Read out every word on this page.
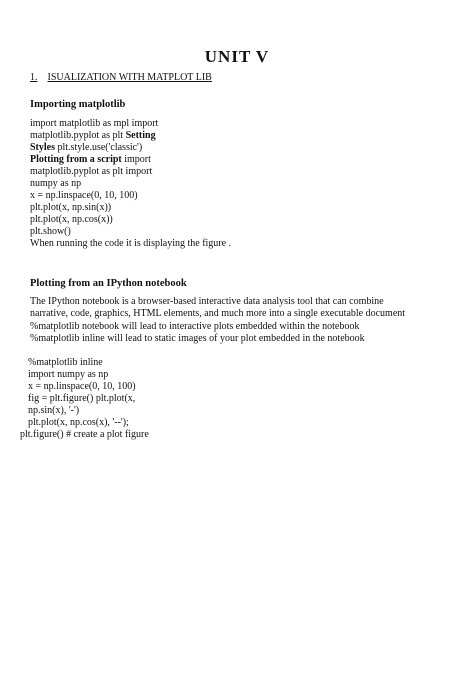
UNIT V
1. ISUALIZATION WITH MATPLOT LIB
Importing matplotlib
import matplotlib as mpl import
matplotlib.pyplot as plt Setting
Styles plt.style.use('classic')
Plotting from a script import
matplotlib.pyplot as plt import
numpy as np
x = np.linspace(0, 10, 100)
plt.plot(x, np.sin(x))
plt.plot(x, np.cos(x))
plt.show()
When running the code it is displaying the figure .
Plotting from an IPython notebook
The IPython notebook is a browser-based interactive data analysis tool that can combine
narrative, code, graphics, HTML elements, and much more into a single executable document
%matplotlib notebook will lead to interactive plots embedded within the notebook
%matplotlib inline will lead to static images of your plot embedded in the notebook
%matplotlib inline
import numpy as np
x = np.linspace(0, 10, 100)
fig = plt.figure() plt.plot(x,
np.sin(x), '-')
plt.plot(x, np.cos(x), '--');
plt.figure() # create a plot figure
